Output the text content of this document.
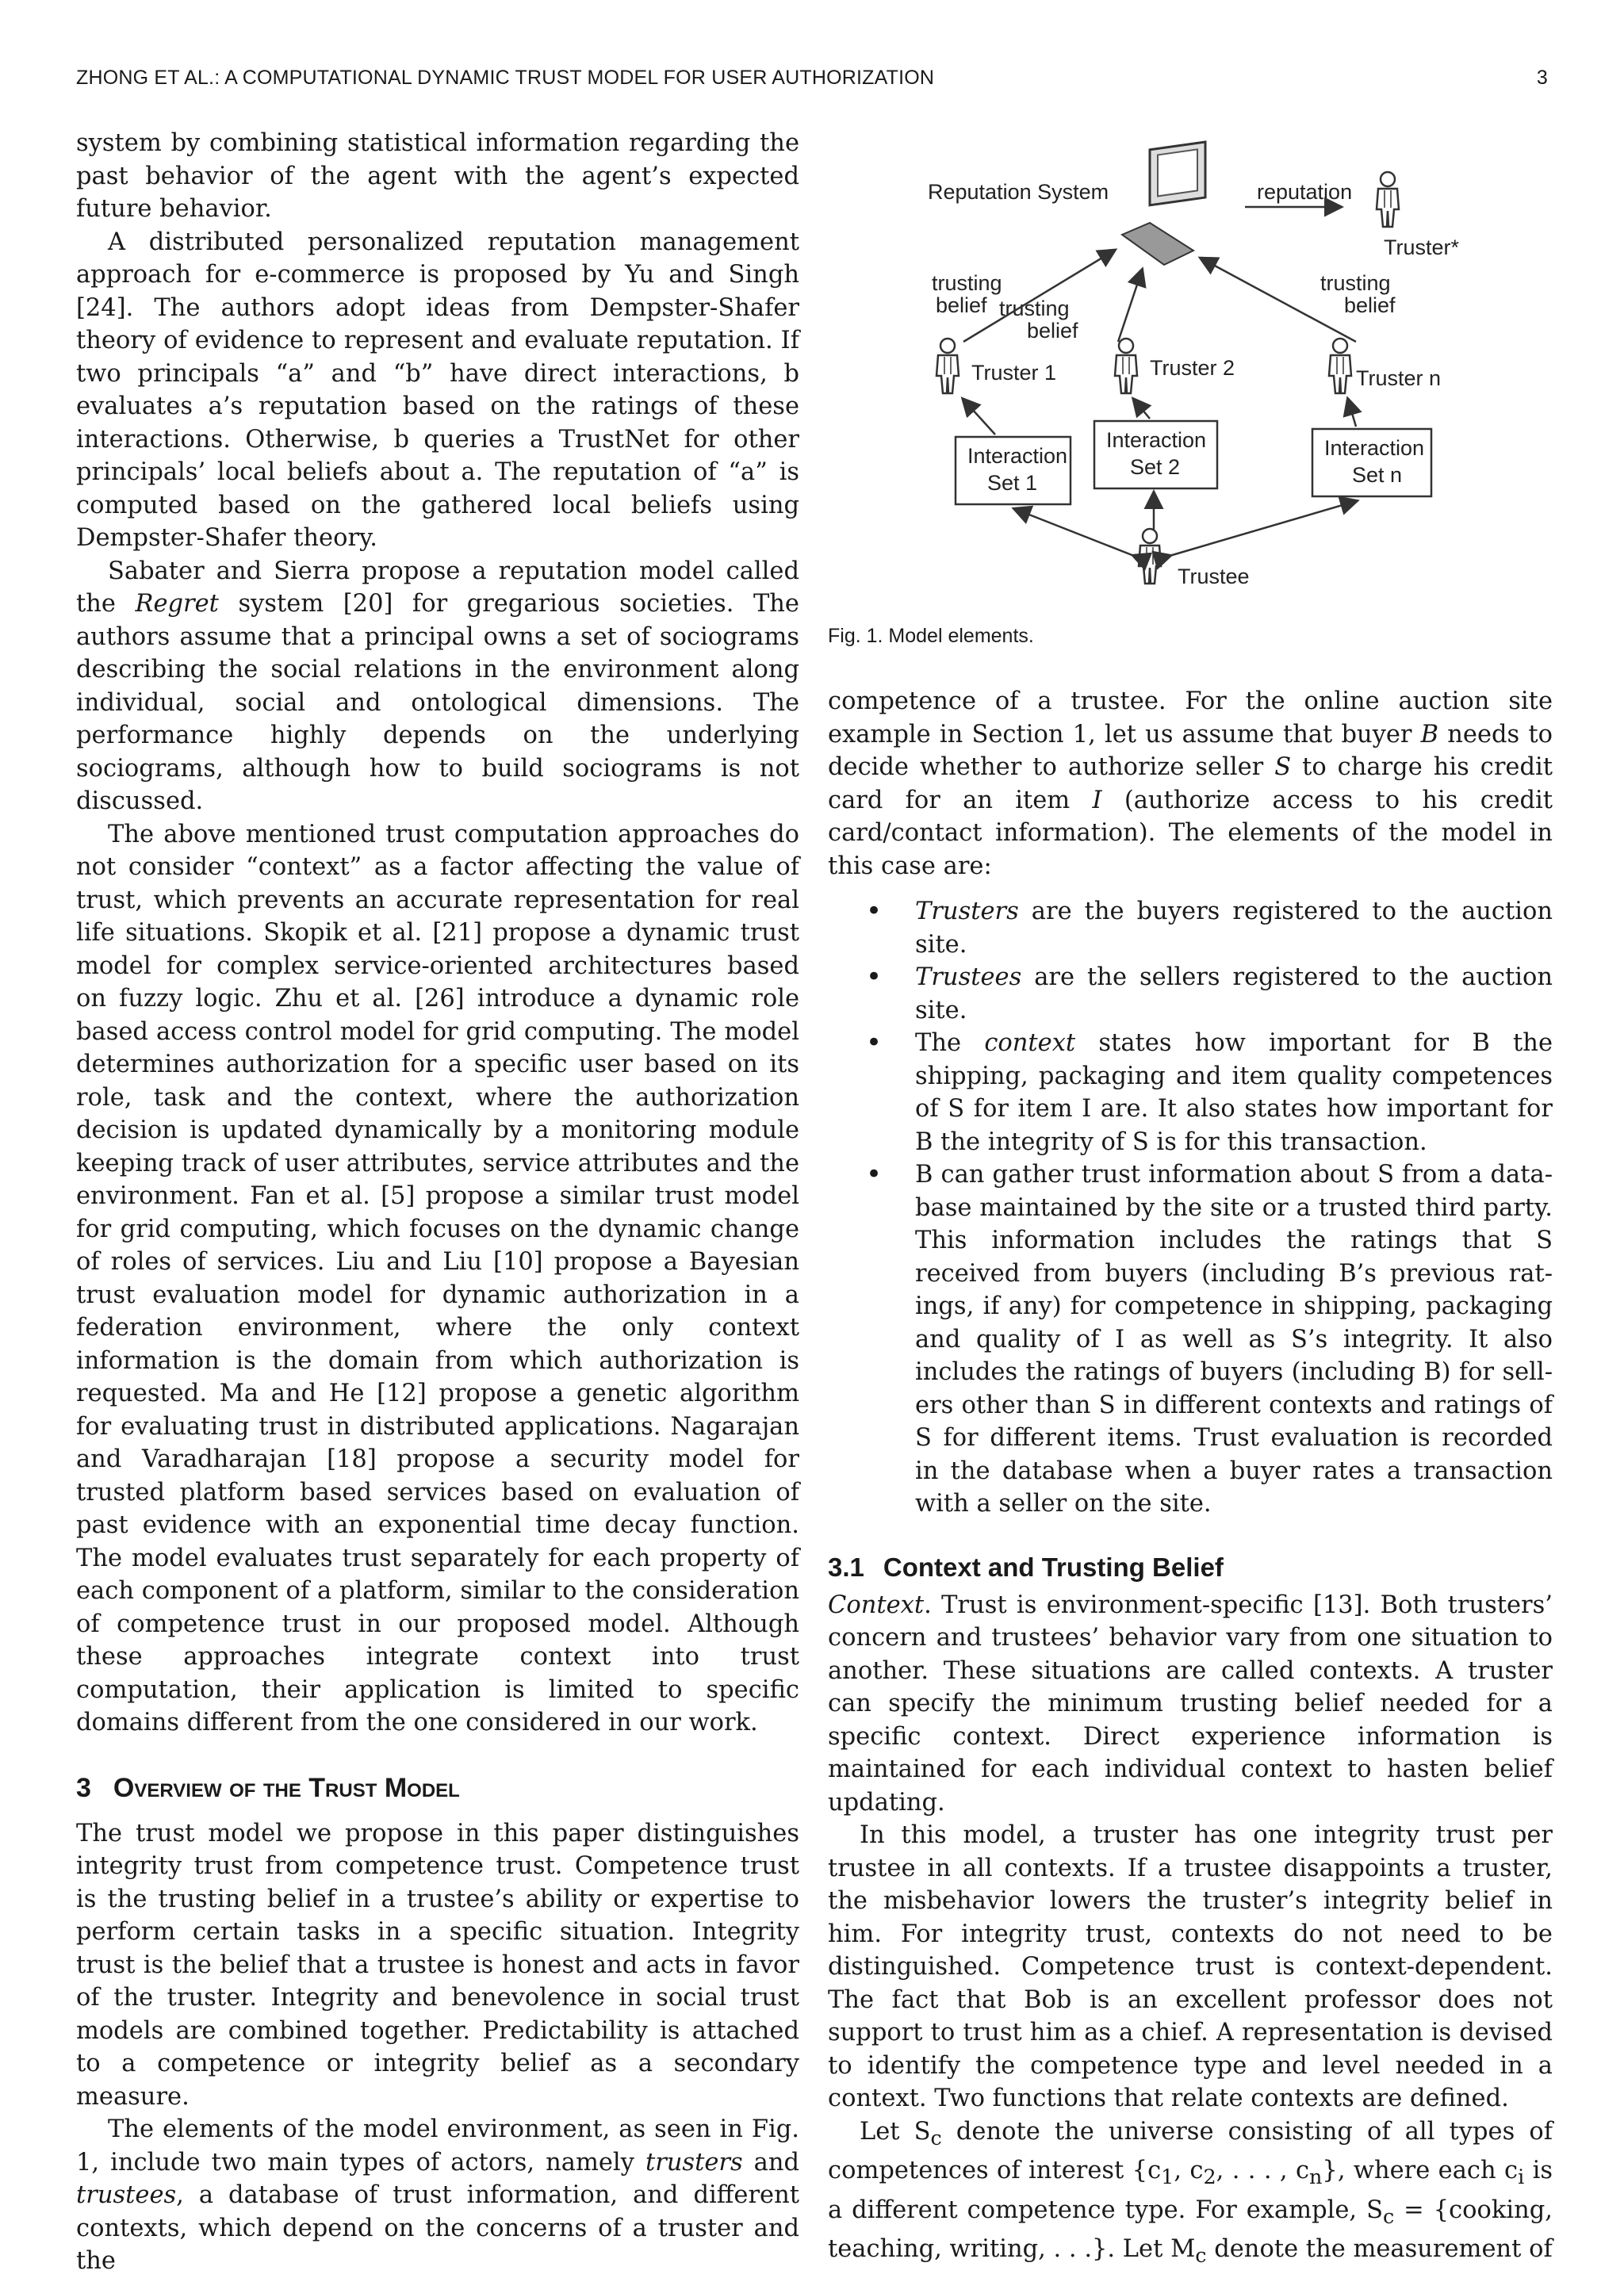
ZHONG ET AL.: A COMPUTATIONAL DYNAMIC TRUST MODEL FOR USER AUTHORIZATION	3

system by combining statistical information regarding the past behavior of the agent with the agent’s expected future behavior.

A distributed personalized reputation management approach for e-commerce is proposed by Yu and Singh [24]. The authors adopt ideas from Dempster-Shafer theory of evidence to represent and evaluate reputation. If two principals “a” and “b” have direct interactions, b evaluates a’s reputation based on the ratings of these interactions. Otherwise, b queries a TrustNet for other principals’ local beliefs about a. The reputation of “a” is computed based on the gathered local beliefs using Dempster-Shafer theory.

Sabater and Sierra propose a reputation model called the Regret system [20] for gregarious societies. The authors assume that a principal owns a set of sociograms describing the social relations in the environment along individual, social and ontological dimensions. The performance highly depends on the underlying sociograms, although how to build sociograms is not discussed.

The above mentioned trust computation approaches do not consider “context” as a factor affecting the value of trust, which prevents an accurate representation for real life situations. Skopik et al. [21] propose a dynamic trust model for complex service-oriented architectures based on fuzzy logic. Zhu et al. [26] introduce a dynamic role based access control model for grid computing. The model determines authorization for a specific user based on its role, task and the context, where the authorization decision is updated dynamically by a monitoring module keeping track of user attributes, service attributes and the environment. Fan et al. [5] propose a similar trust model for grid computing, which focuses on the dynamic change of roles of services. Liu and Liu [10] propose a Bayesian trust evaluation model for dynamic authorization in a federation environment, where the only context information is the domain from which authorization is requested. Ma and He [12] propose a genetic algorithm for evaluating trust in distributed applications. Nagarajan and Varadharajan [18] propose a security model for trusted platform based services based on evaluation of past evidence with an exponential time decay function. The model evaluates trust separately for each property of each component of a platform, similar to the consideration of competence trust in our proposed model. Although these approaches integrate context into trust computation, their application is limited to specific domains different from the one considered in our work.

3 Overview of the Trust Model

The trust model we propose in this paper distinguishes integrity trust from competence trust. Competence trust is the trusting belief in a trustee’s ability or expertise to perform certain tasks in a specific situation. Integrity trust is the belief that a trustee is honest and acts in favor of the truster. Integrity and benevolence in social trust models are combined together. Predictability is attached to a competence or integrity belief as a secondary measure.

The elements of the model environment, as seen in Fig. 1, include two main types of actors, namely trusters and trustees, a database of trust information, and different contexts, which depend on the concerns of a truster and the

Reputation System	reputation
Truster*
trusting
belief trusting
belief
trusting
belief
Truster 1	Truster 2	Truster n
Interaction
Set 1
Interaction
Set 2
Interaction
Set n
Trustee
Fig. 1. Model elements.

competence of a trustee. For the online auction site example in Section 1, let us assume that buyer B needs to decide whether to authorize seller S to charge his credit card for an item I (authorize access to his credit card/contact information). The elements of the model in this case are:

• Trusters are the buyers registered to the auction site.
• Trustees are the sellers registered to the auction site.
• The context states how important for B the shipping, packaging and item quality competences of S for item I are. It also states how important for B the integrity of S is for this transaction.
• B can gather trust information about S from a database maintained by the site or a trusted third party. This information includes the ratings that S received from buyers (including B’s previous ratings, if any) for competence in shipping, packaging and quality of I as well as S’s integrity. It also includes the ratings of buyers (including B) for sellers other than S in different contexts and ratings of S for different items. Trust evaluation is recorded in the database when a buyer rates a transaction with a seller on the site.
3.1 Context and Trusting Belief

Context. Trust is environment-specific [13]. Both trusters’ concern and trustees’ behavior vary from one situation to another. These situations are called contexts. A truster can specify the minimum trusting belief needed for a specific context. Direct experience information is maintained for each individual context to hasten belief updating.

In this model, a truster has one integrity trust per trustee in all contexts. If a trustee disappoints a truster, the misbehavior lowers the truster’s integrity belief in him. For integrity trust, contexts do not need to be distinguished. Competence trust is context-dependent. The fact that Bob is an excellent professor does not support to trust him as a chief. A representation is devised to identify the competence type and level needed in a context. Two functions that relate contexts are defined.

Let $S_c$ denote the universe consisting of all types of competences of interest {$c_1$, $c_2$, . . . , $c_n$}, where each $c_i$ is a different competence type. For example, $S_c$ = {cooking, teaching, writing, . . .}. Let $M_c$ denote the measurement of
